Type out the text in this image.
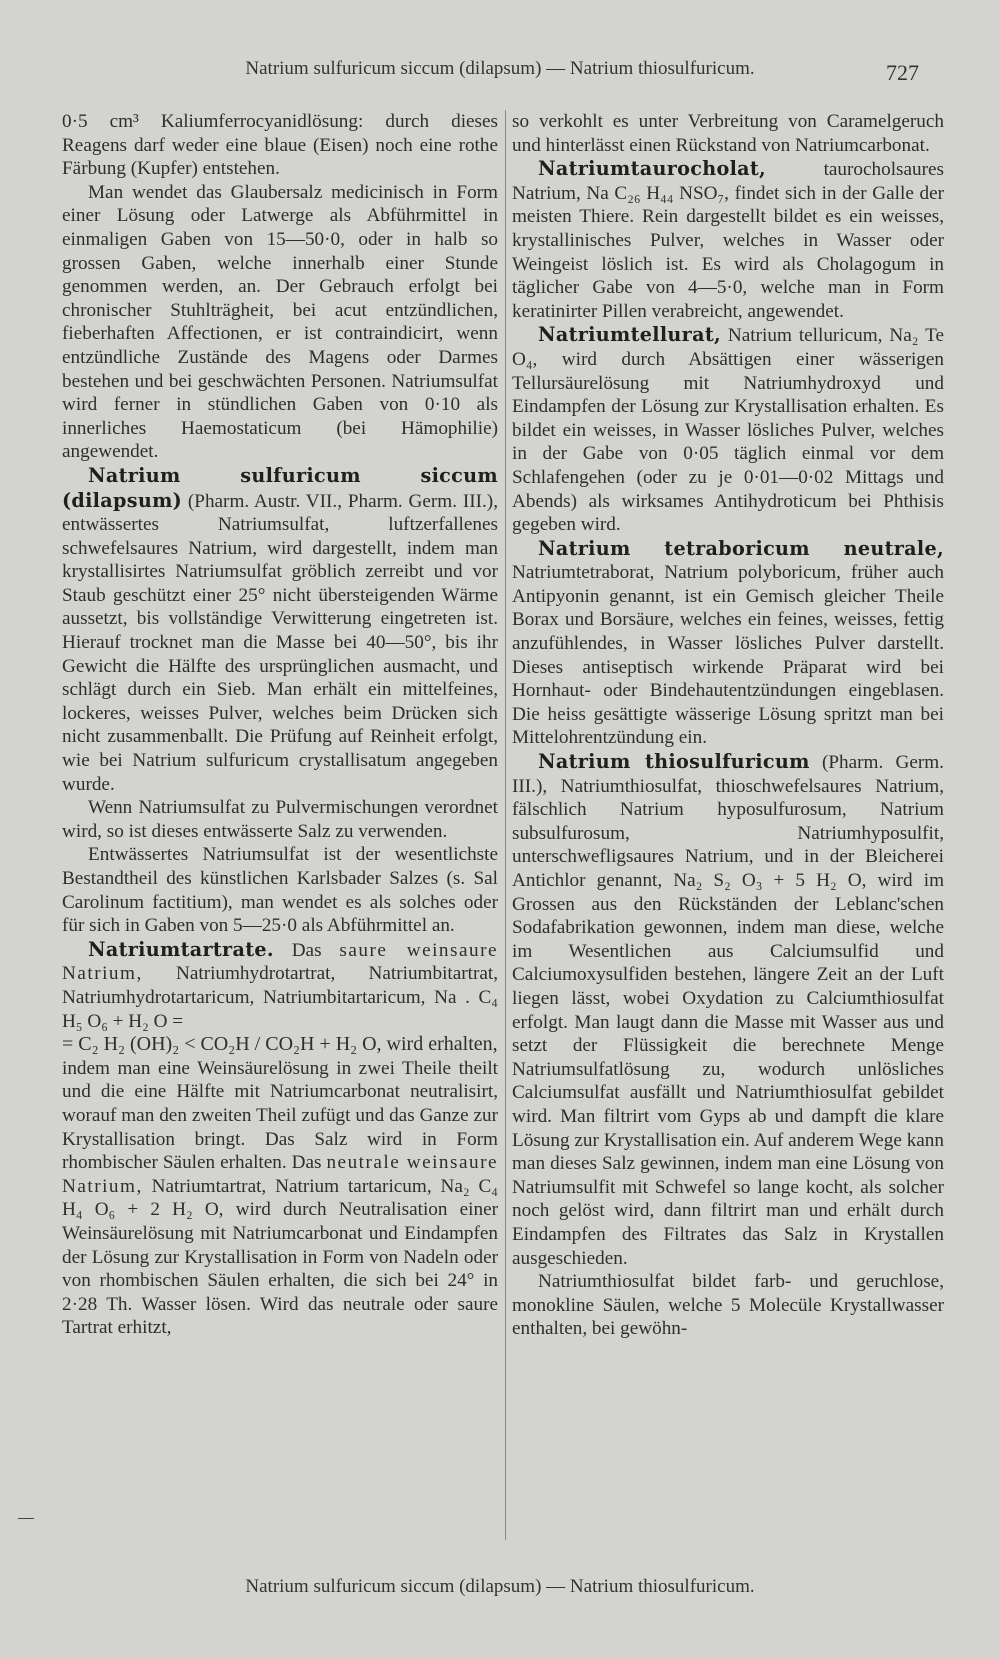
Natrium sulfuricum siccum (dilapsum) — Natrium thiosulfuricum.	727

0·5 cm³ Kaliumferrocyanidlösung: durch dieses Reagens darf weder eine blaue (Eisen) noch eine rothe Färbung (Kupfer) entstehen.

Man wendet das Glaubersalz medicinisch in Form einer Lösung oder Latwerge als Abführmittel in einmaligen Gaben von 15—50·0, oder in halb so grossen Gaben, welche innerhalb einer Stunde genommen werden, an. Der Gebrauch erfolgt bei chronischer Stuhlträgheit, bei acut entzündlichen, fieberhaften Affectionen, er ist contraindicirt, wenn entzündliche Zustände des Magens oder Darmes bestehen und bei geschwächten Personen. Natriumsulfat wird ferner in stündlichen Gaben von 0·10 als innerliches Haemostaticum (bei Hämophilie) angewendet.

Natrium sulfuricum siccum (dilapsum) (Pharm. Austr. VII., Pharm. Germ. III.), entwässertes Natriumsulfat, luftzerfallenes schwefelsaures Natrium, wird dargestellt, indem man krystallisirtes Natriumsulfat gröblich zerreibt und vor Staub geschützt einer 25° nicht übersteigenden Wärme aussetzt, bis vollständige Verwitterung eingetreten ist. Hierauf trocknet man die Masse bei 40—50°, bis ihr Gewicht die Hälfte des ursprünglichen ausmacht, und schlägt durch ein Sieb. Man erhält ein mittelfeines, lockeres, weisses Pulver, welches beim Drücken sich nicht zusammenballt. Die Prüfung auf Reinheit erfolgt, wie bei Natrium sulfuricum crystallisatum angegeben wurde.

Wenn Natriumsulfat zu Pulvermischungen verordnet wird, so ist dieses entwässerte Salz zu verwenden.

Entwässertes Natriumsulfat ist der wesentlichste Bestandtheil des künstlichen Karlsbader Salzes (s. Sal Carolinum factitium), man wendet es als solches oder für sich in Gaben von 5—25·0 als Abführmittel an.

Natriumtartrate. Das saure weinsaure Natrium, Natriumhydrotartrat, Natriumbitartrat, Natriumhydrotartaricum, Natriumbitartaricum, Na . C₄ H₅ O₆ + H₂ O =

= C₂ H₂ (OH)₂ < CO₂H / CO₂H + H₂ O, wird erhalten,

indem man eine Weinsäurelösung in zwei Theile theilt und die eine Hälfte mit Natriumcarbonat neutralisirt, worauf man den zweiten Theil zufügt und das Ganze zur Krystallisation bringt. Das Salz wird in Form rhombischer Säulen erhalten. Das neutrale weinsaure Natrium, Natriumtartrat, Natrium tartaricum, Na₂ C₄ H₄ O₆ + 2 H₂ O, wird durch Neutralisation einer Weinsäurelösung mit Natriumcarbonat und Eindampfen der Lösung zur Krystallisation in Form von Nadeln oder von rhombischen Säulen erhalten, die sich bei 24° in 2·28 Th. Wasser lösen. Wird das neutrale oder saure Tartrat erhitzt,

so verkohlt es unter Verbreitung von Caramelgeruch und hinterlässt einen Rückstand von Natriumcarbonat.

Natriumtaurocholat, taurocholsaures Natrium, Na C₂₆ H₄₄ NSO₇, findet sich in der Galle der meisten Thiere. Rein dargestellt bildet es ein weisses, krystallinisches Pulver, welches in Wasser oder Weingeist löslich ist. Es wird als Cholagogum in täglicher Gabe von 4—5·0, welche man in Form keratinirter Pillen verabreicht, angewendet.

Natriumtellurat, Natrium telluricum, Na₂ Te O₄, wird durch Absättigen einer wässerigen Tellursäurelösung mit Natriumhydroxyd und Eindampfen der Lösung zur Krystallisation erhalten. Es bildet ein weisses, in Wasser lösliches Pulver, welches in der Gabe von 0·05 täglich einmal vor dem Schlafengehen (oder zu je 0·01—0·02 Mittags und Abends) als wirksames Antihydroticum bei Phthisis gegeben wird.

Natrium tetraboricum neutrale, Natriumtetraborat, Natrium polyboricum, früher auch Antipyonin genannt, ist ein Gemisch gleicher Theile Borax und Borsäure, welches ein feines, weisses, fettig anzufühlendes, in Wasser lösliches Pulver darstellt. Dieses antiseptisch wirkende Präparat wird bei Hornhaut- oder Bindehautentzündungen eingeblasen. Die heiss gesättigte wässerige Lösung spritzt man bei Mittelohrentzündung ein.

Natrium thiosulfuricum (Pharm. Germ. III.), Natriumthiosulfat, thioschwefelsaures Natrium, fälschlich Natrium hyposulfurosum, Natrium subsulfurosum, Natriumhyposulfit, unterschwefligsaures Natrium, und in der Bleicherei Antichlor genannt, Na₂ S₂ O₃ + 5 H₂ O, wird im Grossen aus den Rückständen der Leblanc'schen Sodafabrikation gewonnen, indem man diese, welche im Wesentlichen aus Calciumsulfid und Calciumoxysulfiden bestehen, längere Zeit an der Luft liegen lässt, wobei Oxydation zu Calciumthiosulfat erfolgt. Man laugt dann die Masse mit Wasser aus und setzt der Flüssigkeit die berechnete Menge Natriumsulfatlösung zu, wodurch unlösliches Calciumsulfat ausfällt und Natriumthiosulfat gebildet wird. Man filtrirt vom Gyps ab und dampft die klare Lösung zur Krystallisation ein. Auf anderem Wege kann man dieses Salz gewinnen, indem man eine Lösung von Natriumsulfit mit Schwefel so lange kocht, als solcher noch gelöst wird, dann filtrirt man und erhält durch Eindampfen des Filtrates das Salz in Krystallen ausgeschieden.

Natriumthiosulfat bildet farb- und geruchlose, monokline Säulen, welche 5 Molecüle Krystallwasser enthalten, bei gewöhn-

Natrium sulfuricum siccum (dilapsum) — Natrium thiosulfuricum.
